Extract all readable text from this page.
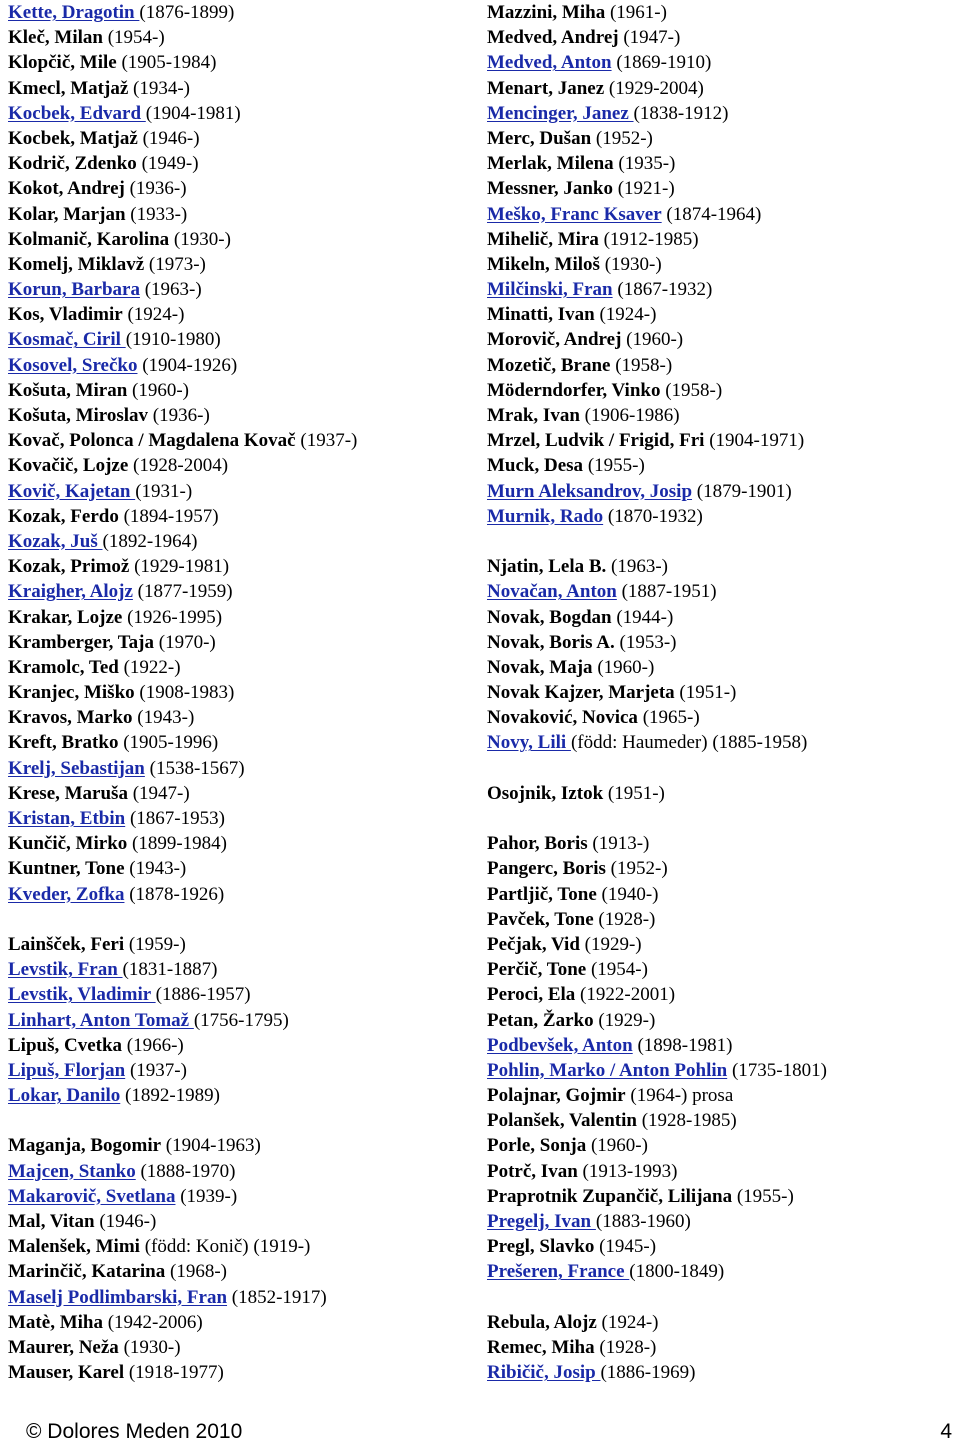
Kette, Dragotin (1876-1899)
Kleč, Milan (1954-)
Klopčič, Mile (1905-1984)
Kmecl, Matjaž (1934-)
Kocbek, Edvard (1904-1981)
Kocbek, Matjaž (1946-)
Kodrič, Zdenko (1949-)
Kokot, Andrej (1936-)
Kolar, Marjan (1933-)
Kolmanič, Karolina (1930-)
Komelj, Miklavž (1973-)
Korun, Barbara (1963-)
Kos, Vladimir (1924-)
Kosmač, Ciril (1910-1980)
Kosovel, Srečko (1904-1926)
Košuta, Miran (1960-)
Košuta, Miroslav (1936-)
Kovač, Polonca / Magdalena Kovač (1937-)
Kovačič, Lojze (1928-2004)
Kovič, Kajetan (1931-)
Kozak, Ferdo (1894-1957)
Kozak, Juš (1892-1964)
Kozak, Primož (1929-1981)
Kraigher, Alojz (1877-1959)
Krakar, Lojze (1926-1995)
Kramberger, Taja (1970-)
Kramolc, Ted (1922-)
Kranjec, Miško (1908-1983)
Kravos, Marko (1943-)
Kreft, Bratko (1905-1996)
Krelj, Sebastijan (1538-1567)
Krese, Maruša (1947-)
Kristan, Etbin (1867-1953)
Kunčič, Mirko (1899-1984)
Kuntner, Tone (1943-)
Kveder, Zofka (1878-1926)
Lainšček, Feri (1959-)
Levstik, Fran (1831-1887)
Levstik, Vladimir (1886-1957)
Linhart, Anton Tomaž (1756-1795)
Lipuš, Cvetka (1966-)
Lipuš, Florjan (1937-)
Lokar, Danilo (1892-1989)
Maganja, Bogomir (1904-1963)
Majcen, Stanko (1888-1970)
Makarovič, Svetlana (1939-)
Mal, Vitan (1946-)
Malenšek, Mimi (född: Konič) (1919-)
Marinčič, Katarina (1968-)
Maselj Podlimbarski, Fran (1852-1917)
Matè, Miha (1942-2006)
Maurer, Neža (1930-)
Mauser, Karel (1918-1977)
Mazzini, Miha (1961-)
Medved, Andrej (1947-)
Medved, Anton (1869-1910)
Menart, Janez (1929-2004)
Mencinger, Janez (1838-1912)
Merc, Dušan (1952-)
Merlak, Milena (1935-)
Messner, Janko (1921-)
Meško, Franc Ksaver (1874-1964)
Mihelič, Mira (1912-1985)
Mikeln, Miloš (1930-)
Milčinski, Fran (1867-1932)
Minatti, Ivan (1924-)
Morovič, Andrej (1960-)
Mozetič, Brane (1958-)
Möderndorfer, Vinko (1958-)
Mrak, Ivan (1906-1986)
Mrzel, Ludvik / Frigid, Fri (1904-1971)
Muck, Desa (1955-)
Murn Aleksandrov, Josip (1879-1901)
Murnik, Rado (1870-1932)
Njatin, Lela B. (1963-)
Novačan, Anton (1887-1951)
Novak, Bogdan (1944-)
Novak, Boris A. (1953-)
Novak, Maja (1960-)
Novak Kajzer, Marjeta (1951-)
Novaković, Novica (1965-)
Novy, Lili (född: Haumeder) (1885-1958)
Osojnik, Iztok (1951-)
Pahor, Boris (1913-)
Pangerc, Boris (1952-)
Partljič, Tone (1940-)
Pavček, Tone (1928-)
Pečjak, Vid (1929-)
Perčič, Tone (1954-)
Peroci, Ela (1922-2001)
Petan, Žarko (1929-)
Podbevšek, Anton (1898-1981)
Pohlin, Marko / Anton Pohlin (1735-1801)
Polajnar, Gojmir (1964-) prosa
Polanšek, Valentin (1928-1985)
Porle, Sonja (1960-)
Potrč, Ivan (1913-1993)
Praprotnik Zupančič, Lilijana (1955-)
Pregelj, Ivan (1883-1960)
Pregl, Slavko (1945-)
Prešeren, France (1800-1849)
Rebula, Alojz (1924-)
Remec, Miha (1928-)
Ribičič, Josip (1886-1969)
© Dolores Meden 2010	4
